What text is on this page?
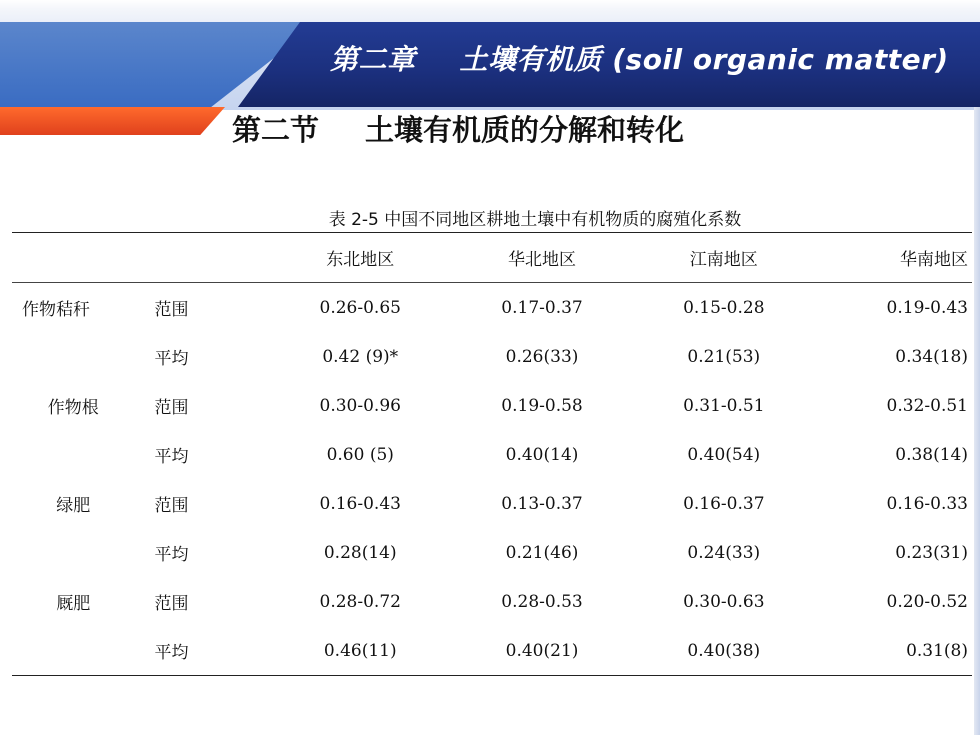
第二章 土壤有机质 (soil organic matter)
第二节 土壤有机质的分解和转化
表 2-5 中国不同地区耕地土壤中有机物质的腐殖化系数
		东北地区	华北地区	江南地区	华南地区
作物秸秆	范围	0.26-0.65	0.17-0.37	0.15-0.28	0.19-0.43
	平均	0.42 (9)*	0.26(33)	0.21(53)	0.34(18)
作物根	范围	0.30-0.96	0.19-0.58	0.31-0.51	0.32-0.51
	平均	0.60 (5)	0.40(14)	0.40(54)	0.38(14)
绿肥	范围	0.16-0.43	0.13-0.37	0.16-0.37	0.16-0.33
	平均	0.28(14)	0.21(46)	0.24(33)	0.23(31)
厩肥	范围	0.28-0.72	0.28-0.53	0.30-0.63	0.20-0.52
	平均	0.46(11)	0.40(21)	0.40(38)	0.31(8)
